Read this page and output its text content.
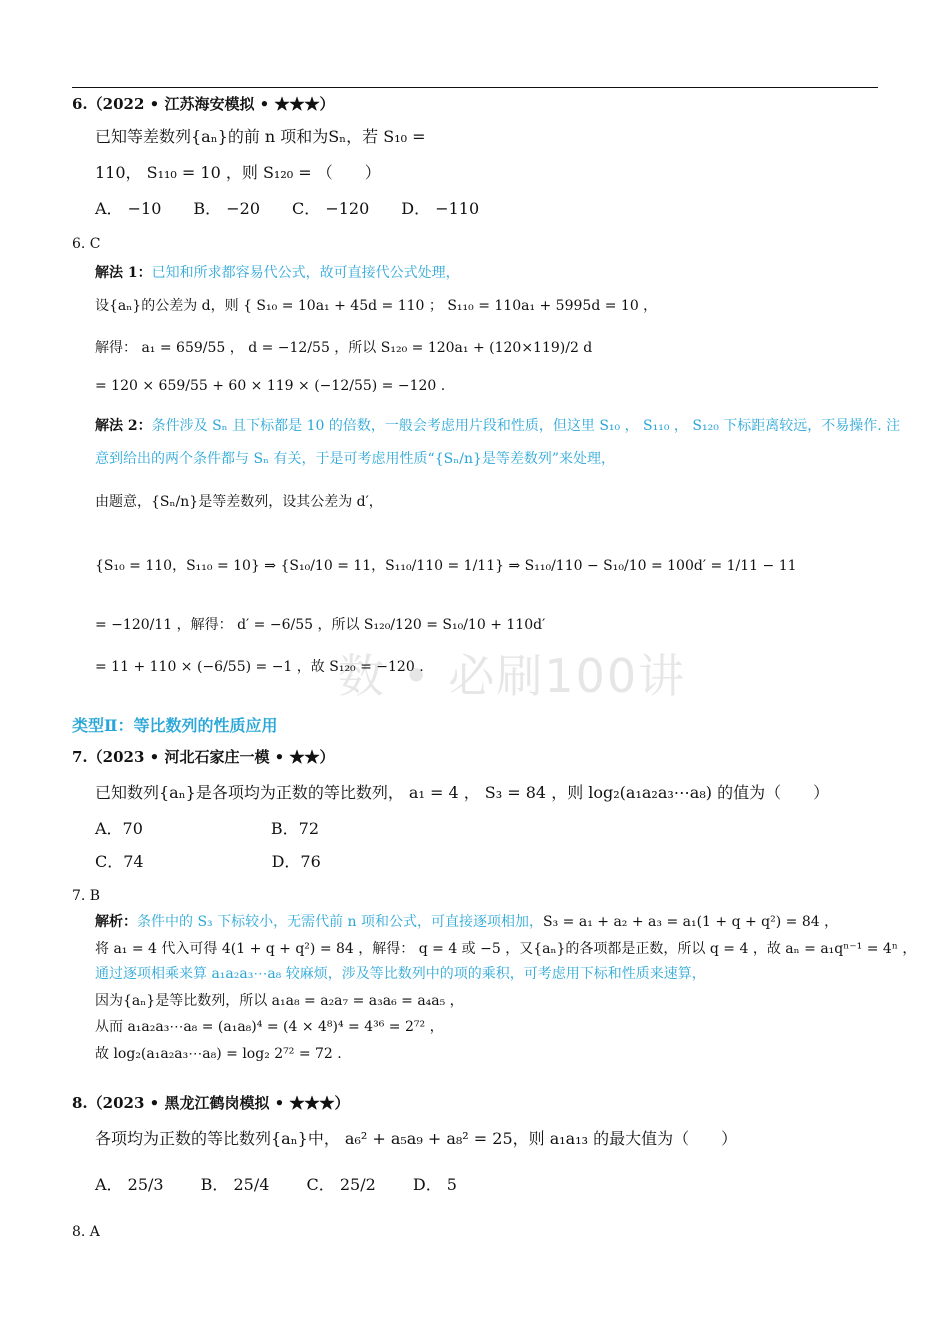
数 • 必刷100讲
6.（2022 • 江苏海安模拟 • ★★★）
已知等差数列{aₙ}的前 n 项和为Sₙ，若 S₁₀ =
110， S₁₁₀ = 10 ，则 S₁₂₀ = （　　）
A． −10　　B． −20　　C． −120　　D． −110
6. C
解法 1：已知和所求都容易代公式，故可直接代公式处理，
设{aₙ}的公差为 d，则 { S₁₀ = 10a₁ + 45d = 110 ； S₁₁₀ = 110a₁ + 5995d = 10 ，
解得： a₁ = 659/55 ， d = −12/55 ，所以 S₁₂₀ = 120a₁ + (120×119)/2 d
= 120 × 659/55 + 60 × 119 × (−12/55) = −120 .
解法 2：条件涉及 Sₙ 且下标都是 10 的倍数，一般会考虑用片段和性质，但这里 S₁₀ ， S₁₁₀ ， S₁₂₀ 下标距离较远，不易操作. 注
意到给出的两个条件都与 Sₙ 有关，于是可考虑用性质“{Sₙ/n}是等差数列”来处理，
由题意，{Sₙ/n}是等差数列，设其公差为 d′，
{S₁₀ = 110，S₁₁₀ = 10} ⇒ {S₁₀/10 = 11，S₁₁₀/110 = 1/11} ⇒ S₁₁₀/110 − S₁₀/10 = 100d′ = 1/11 − 11
= −120/11 ，解得： d′ = −6/55 ，所以 S₁₂₀/120 = S₁₀/10 + 110d′
= 11 + 110 × (−6/55) = −1 ，故 S₁₂₀ = −120 .
类型Ⅱ：等比数列的性质应用
7.（2023 • 河北石家庄一模 • ★★）
已知数列{aₙ}是各项均为正数的等比数列， a₁ = 4 ， S₃ = 84 ，则 log₂(a₁a₂a₃⋯a₈) 的值为（　　）
A．70　　　　　　　　B．72
C．74　　　　　　　　D．76
7. B
解析：条件中的 S₃ 下标较小，无需代前 n 项和公式，可直接逐项相加，S₃ = a₁ + a₂ + a₃ = a₁(1 + q + q²) = 84 ，
将 a₁ = 4 代入可得 4(1 + q + q²) = 84 ，解得： q = 4 或 −5 ，又{aₙ}的各项都是正数，所以 q = 4 ，故 aₙ = a₁qⁿ⁻¹ = 4ⁿ ，
通过逐项相乘来算 a₁a₂a₃⋯a₈ 较麻烦，涉及等比数列中的项的乘积，可考虑用下标和性质来速算，
因为{aₙ}是等比数列，所以 a₁a₈ = a₂a₇ = a₃a₆ = a₄a₅ ，
从而 a₁a₂a₃⋯a₈ = (a₁a₈)⁴ = (4 × 4⁸)⁴ = 4³⁶ = 2⁷² ，
故 log₂(a₁a₂a₃⋯a₈) = log₂ 2⁷² = 72 .
8.（2023 • 黑龙江鹤岗模拟 • ★★★）
各项均为正数的等比数列{aₙ}中， a₆² + a₅a₉ + a₈² = 25，则 a₁a₁₃ 的最大值为（　　）
A． 25/3 　　B． 25/4 　　C． 25/2 　　D． 5
8. A
